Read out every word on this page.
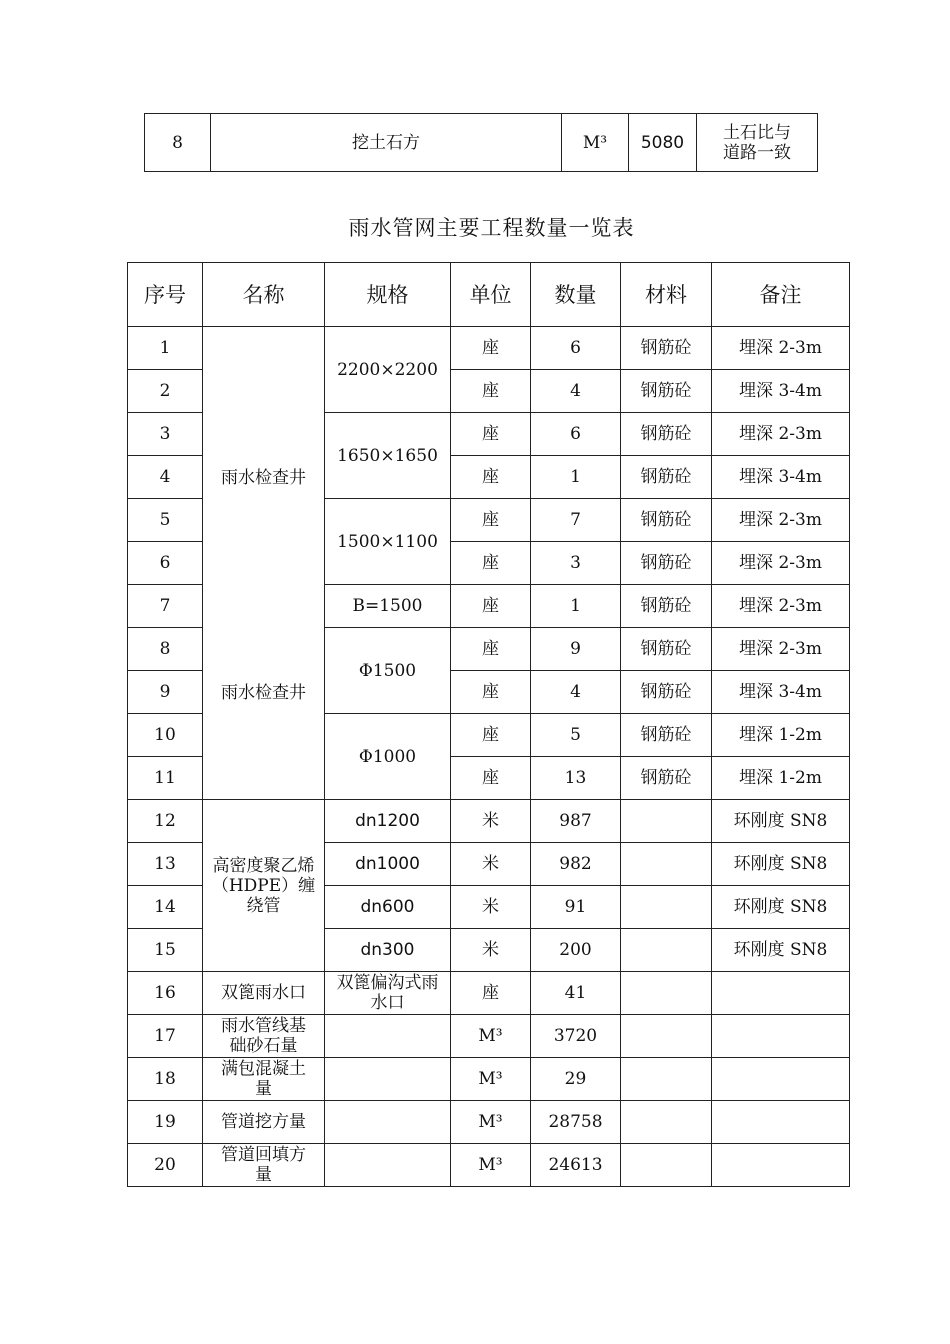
8	挖土石方	M³	5080	土石比与道路一致
雨水管网主要工程数量一览表
序号	名称	规格	单位	数量	材料	备注
1	雨水检查井	2200×2200	座	6	钢筋砼	埋深 2-3m
2			座	4	钢筋砼	埋深 3-4m
3		1650×1650	座	6	钢筋砼	埋深 2-3m
4			座	1	钢筋砼	埋深 3-4m
5		1500×1100	座	7	钢筋砼	埋深 2-3m
6			座	3	钢筋砼	埋深 2-3m
7		B=1500	座	1	钢筋砼	埋深 2-3m
8	雨水检查井	Φ1500	座	9	钢筋砼	埋深 2-3m
9			座	4	钢筋砼	埋深 3-4m
10		Φ1000	座	5	钢筋砼	埋深 1-2m
11			座	13	钢筋砼	埋深 1-2m
12	高密度聚乙烯（HDPE）缠绕管	dn1200	米	987		环刚度 SN8
13		dn1000	米	982		环刚度 SN8
14		dn600	米	91		环刚度 SN8
15		dn300	米	200		环刚度 SN8
16	双篦雨水口	双篦偏沟式雨水口	座	41		
17	雨水管线基础砂石量		M³	3720		
18	满包混凝土量		M³	29		
19	管道挖方量		M³	28758		
20	管道回填方量		M³	24613		
